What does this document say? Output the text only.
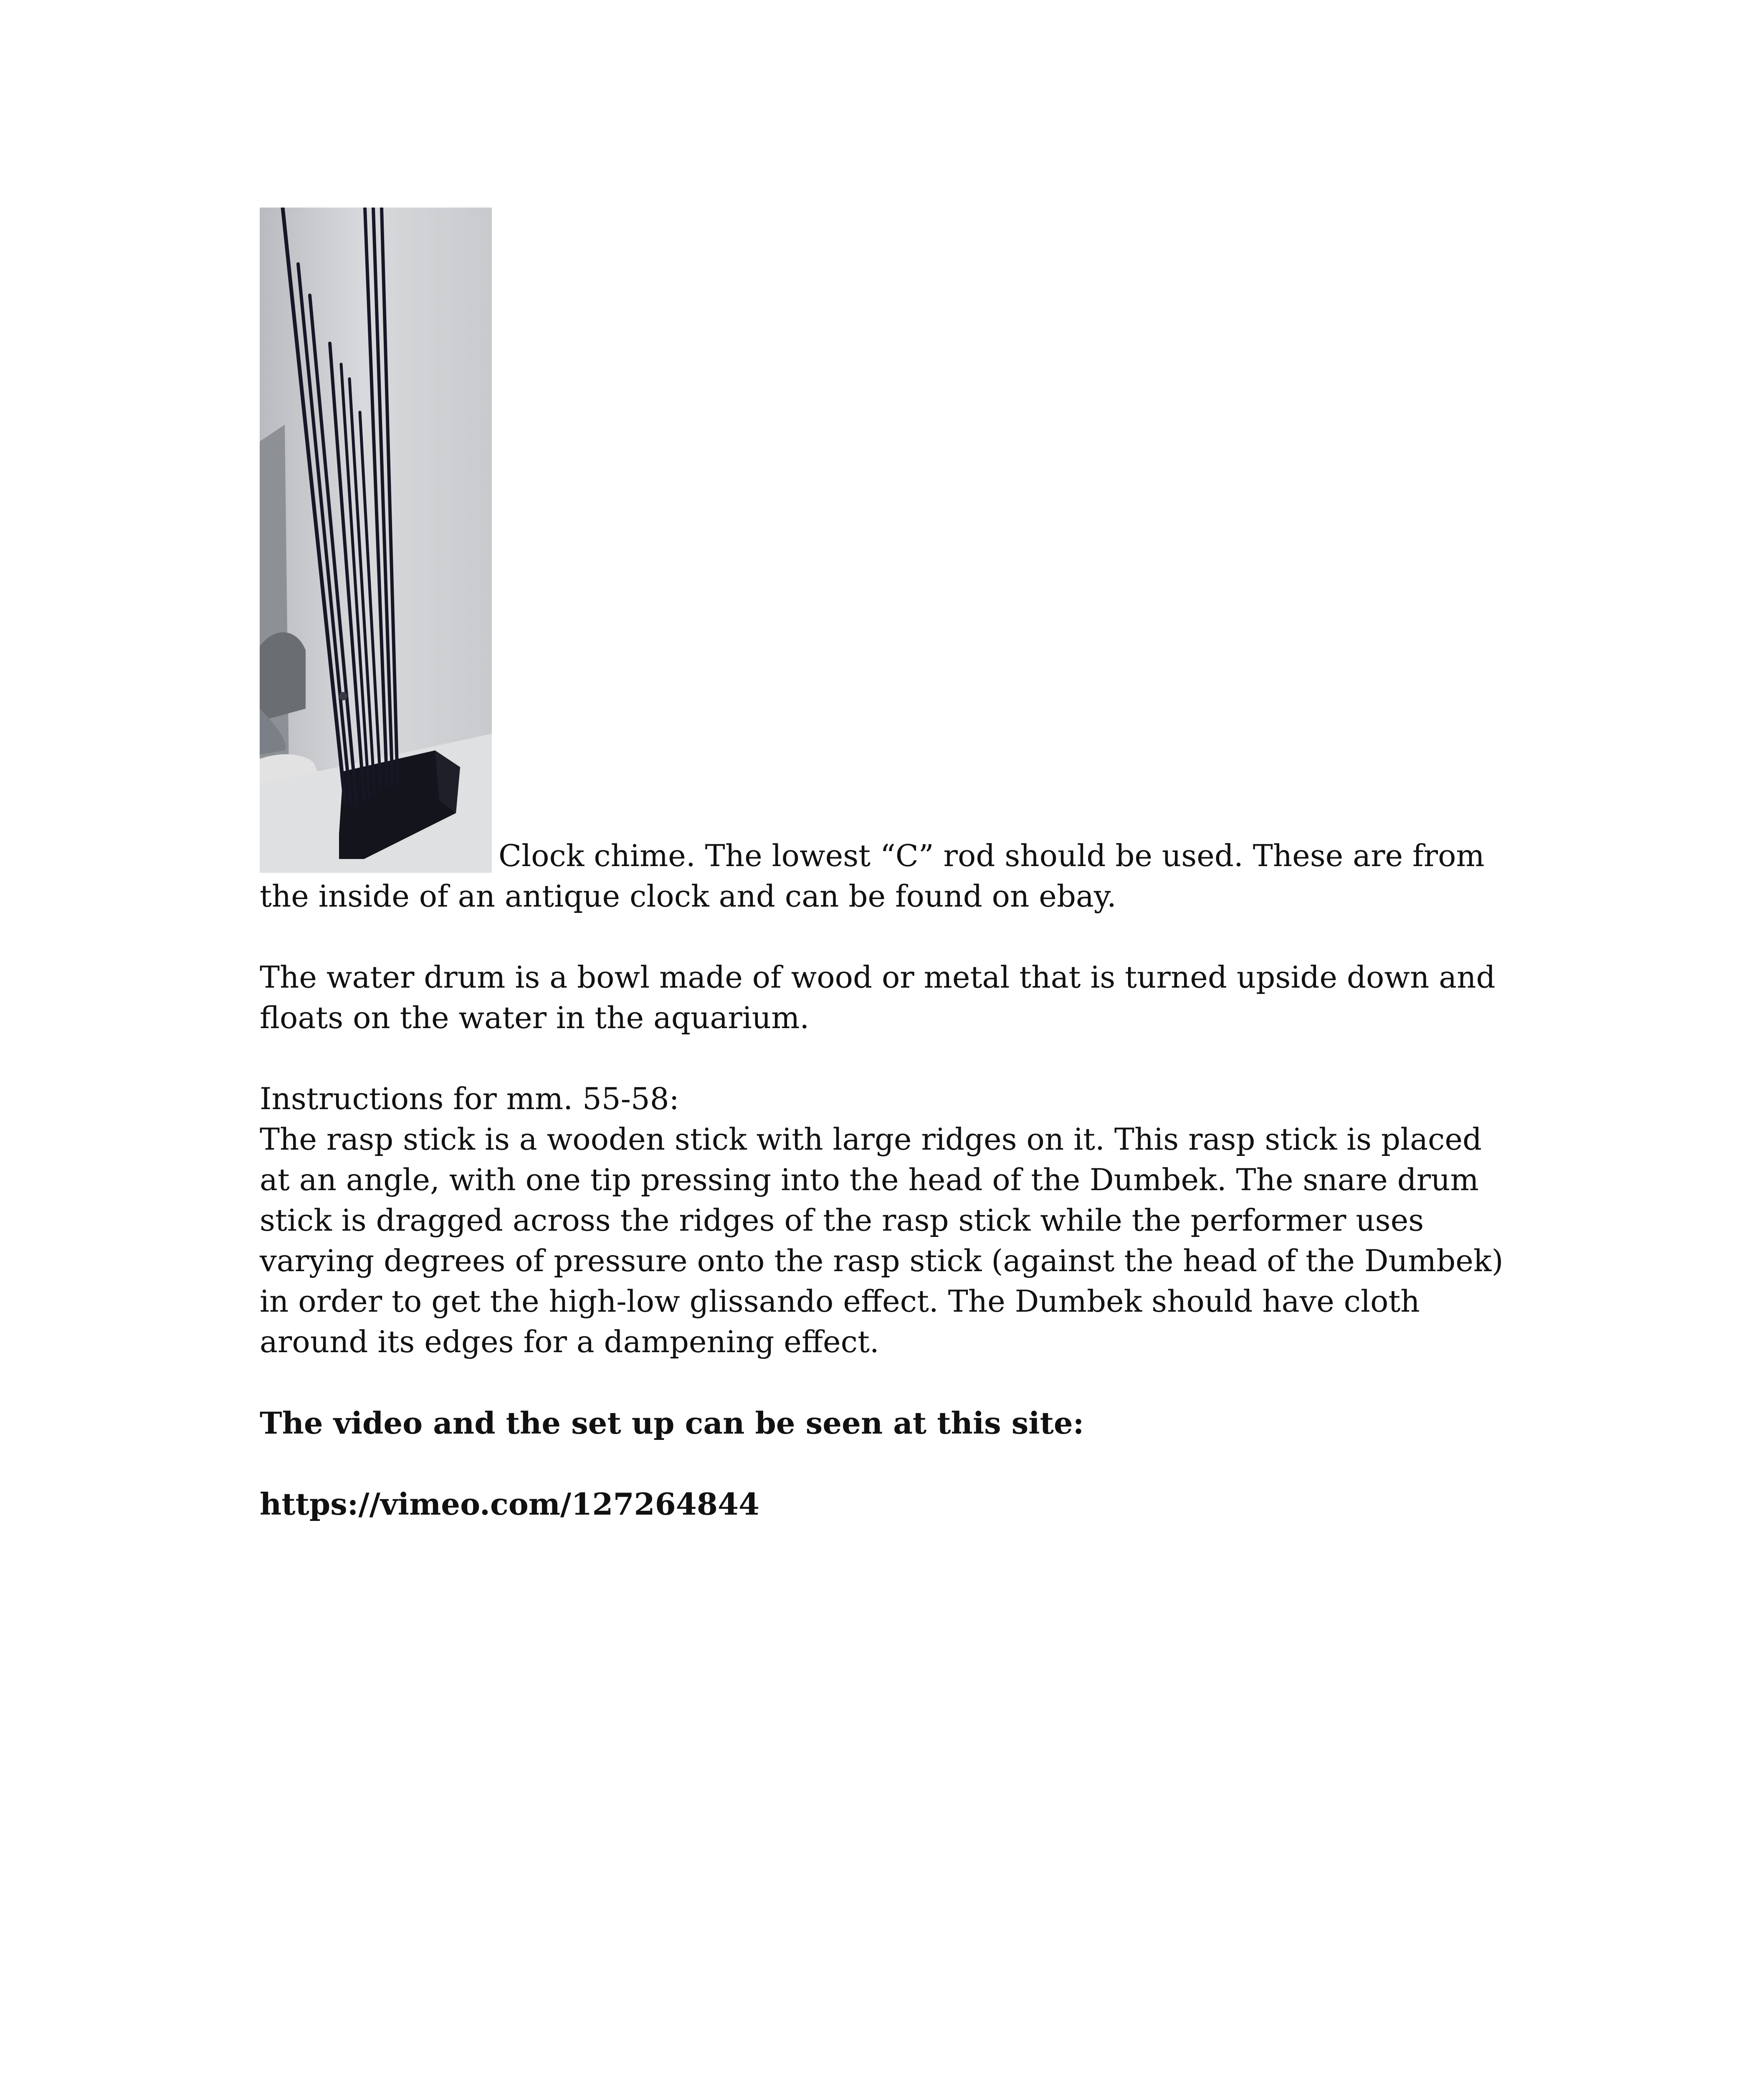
Clock chime. The lowest “C” rod should be used. These are from the inside of an antique clock and can be found on ebay.

The water drum is a bowl made of wood or metal that is turned upside down and floats on the water in the aquarium.

Instructions for mm. 55-58:

The rasp stick is a wooden stick with large ridges on it. This rasp stick is placed at an angle, with one tip pressing into the head of the Dumbek. The snare drum stick is dragged across the ridges of the rasp stick while the performer uses varying degrees of pressure onto the rasp stick (against the head of the Dumbek) in order to get the high-low glissando effect. The Dumbek should have cloth around its edges for a dampening effect.

The video and the set up can be seen at this site:

https://vimeo.com/127264844
